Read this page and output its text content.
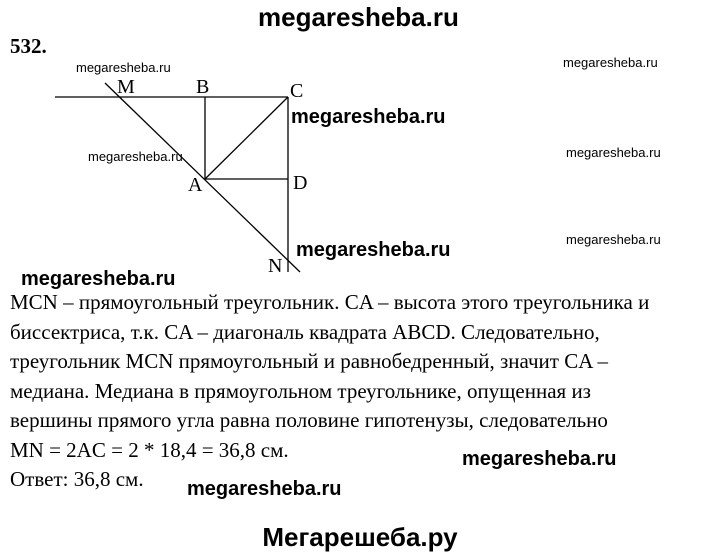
megaresheba.ru
532.
megaresheba.ru	megaresheba.ru
megaresheba.ru	megaresheba.ru
megaresheba.ru
megaresheba.ru
megaresheba.ru
megaresheba.ru
megaresheba.ru
megaresheba.ru
M	B	C
A	D
N

MCN – прямоугольный треугольник. CA – высота этого треугольника и

биссектриса, т.к. CA – диагональ квадрата ABCD. Следовательно,

треугольник MCN прямоугольный и равнобедренный, значит CA –

медиана. Медиана в прямоугольном треугольнике, опущенная из

вершины прямого угла равна половине гипотенузы, следовательно

MN = 2AC = 2 * 18,4 = 36,8 см.

Ответ: 36,8 см.

Мегарешеба.ру
